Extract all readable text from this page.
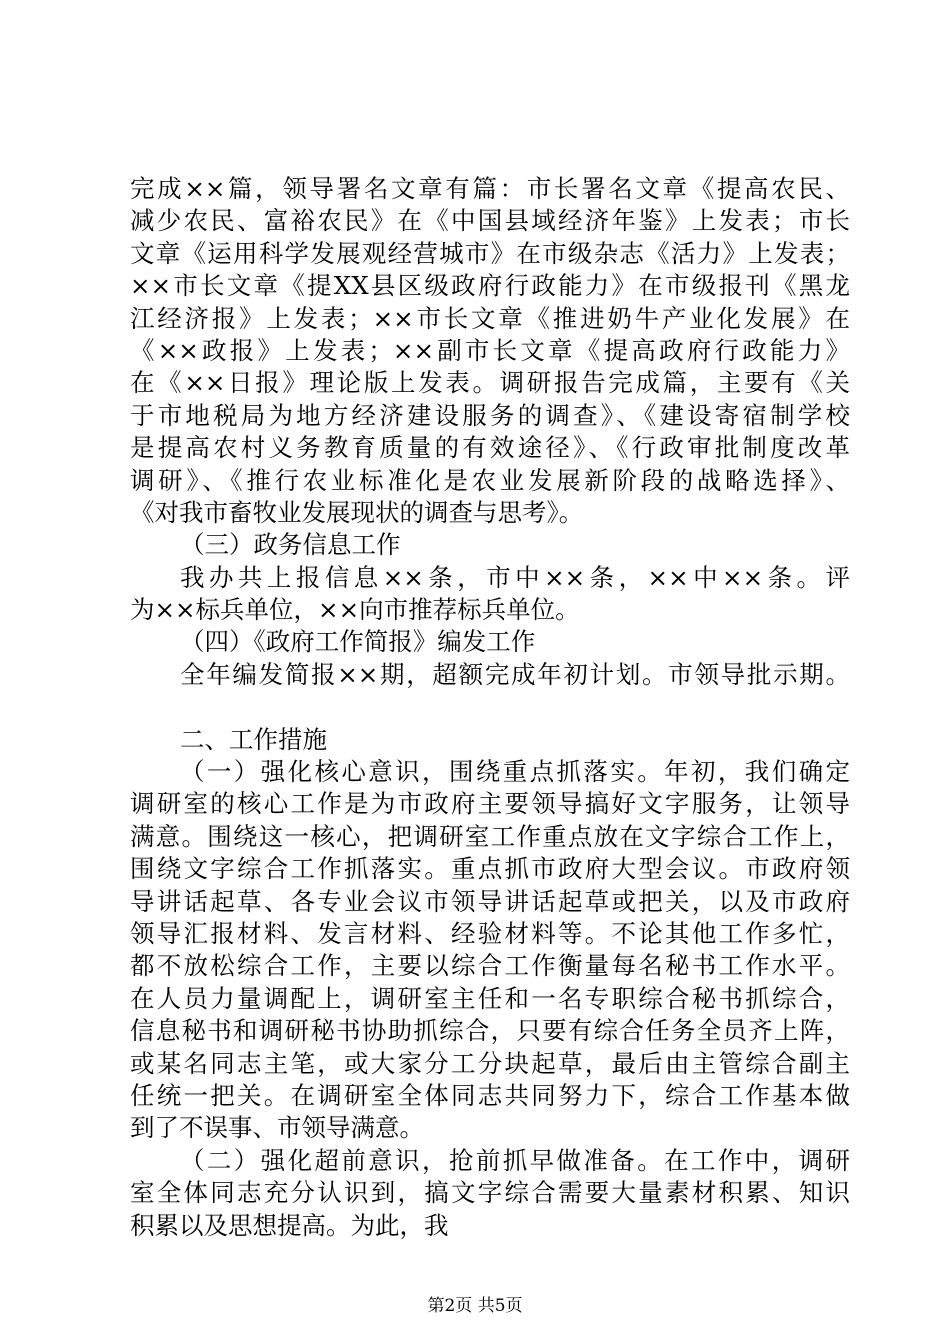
完成××篇，领导署名文章有篇：市长署名文章《提高农民、
减少农民、富裕农民》在《中国县域经济年鉴》上发表；市长
文章《运用科学发展观经营城市》在市级杂志《活力》上发表；
××市长文章《提XX县区级政府行政能力》在市级报刊《黑龙
江经济报》上发表；××市长文章《推进奶牛产业化发展》在
《××政报》上发表；××副市长文章《提高政府行政能力》
在《××日报》理论版上发表。调研报告完成篇，主要有《关
于市地税局为地方经济建设服务的调查》、《建设寄宿制学校
是提高农村义务教育质量的有效途径》、《行政审批制度改革
调研》、《推行农业标准化是农业发展新阶段的战略选择》、
《对我市畜牧业发展现状的调查与思考》。
（三）政务信息工作
我办共上报信息××条，市中××条，××中××条。评
为××标兵单位，××向市推荐标兵单位。
（四）《政府工作简报》编发工作
全年编发简报××期，超额完成年初计划。市领导批示期。
二、工作措施
（一）强化核心意识，围绕重点抓落实。年初，我们确定
调研室的核心工作是为市政府主要领导搞好文字服务，让领导
满意。围绕这一核心，把调研室工作重点放在文字综合工作上，
围绕文字综合工作抓落实。重点抓市政府大型会议。市政府领
导讲话起草、各专业会议市领导讲话起草或把关，以及市政府
领导汇报材料、发言材料、经验材料等。不论其他工作多忙，
都不放松综合工作，主要以综合工作衡量每名秘书工作水平。
在人员力量调配上，调研室主任和一名专职综合秘书抓综合，
信息秘书和调研秘书协助抓综合，只要有综合任务全员齐上阵，
或某名同志主笔，或大家分工分块起草，最后由主管综合副主
任统一把关。在调研室全体同志共同努力下，综合工作基本做
到了不误事、市领导满意。
（二）强化超前意识，抢前抓早做准备。在工作中，调研
室全体同志充分认识到，搞文字综合需要大量素材积累、知识
积累以及思想提高。为此，我
第2页 共5页
